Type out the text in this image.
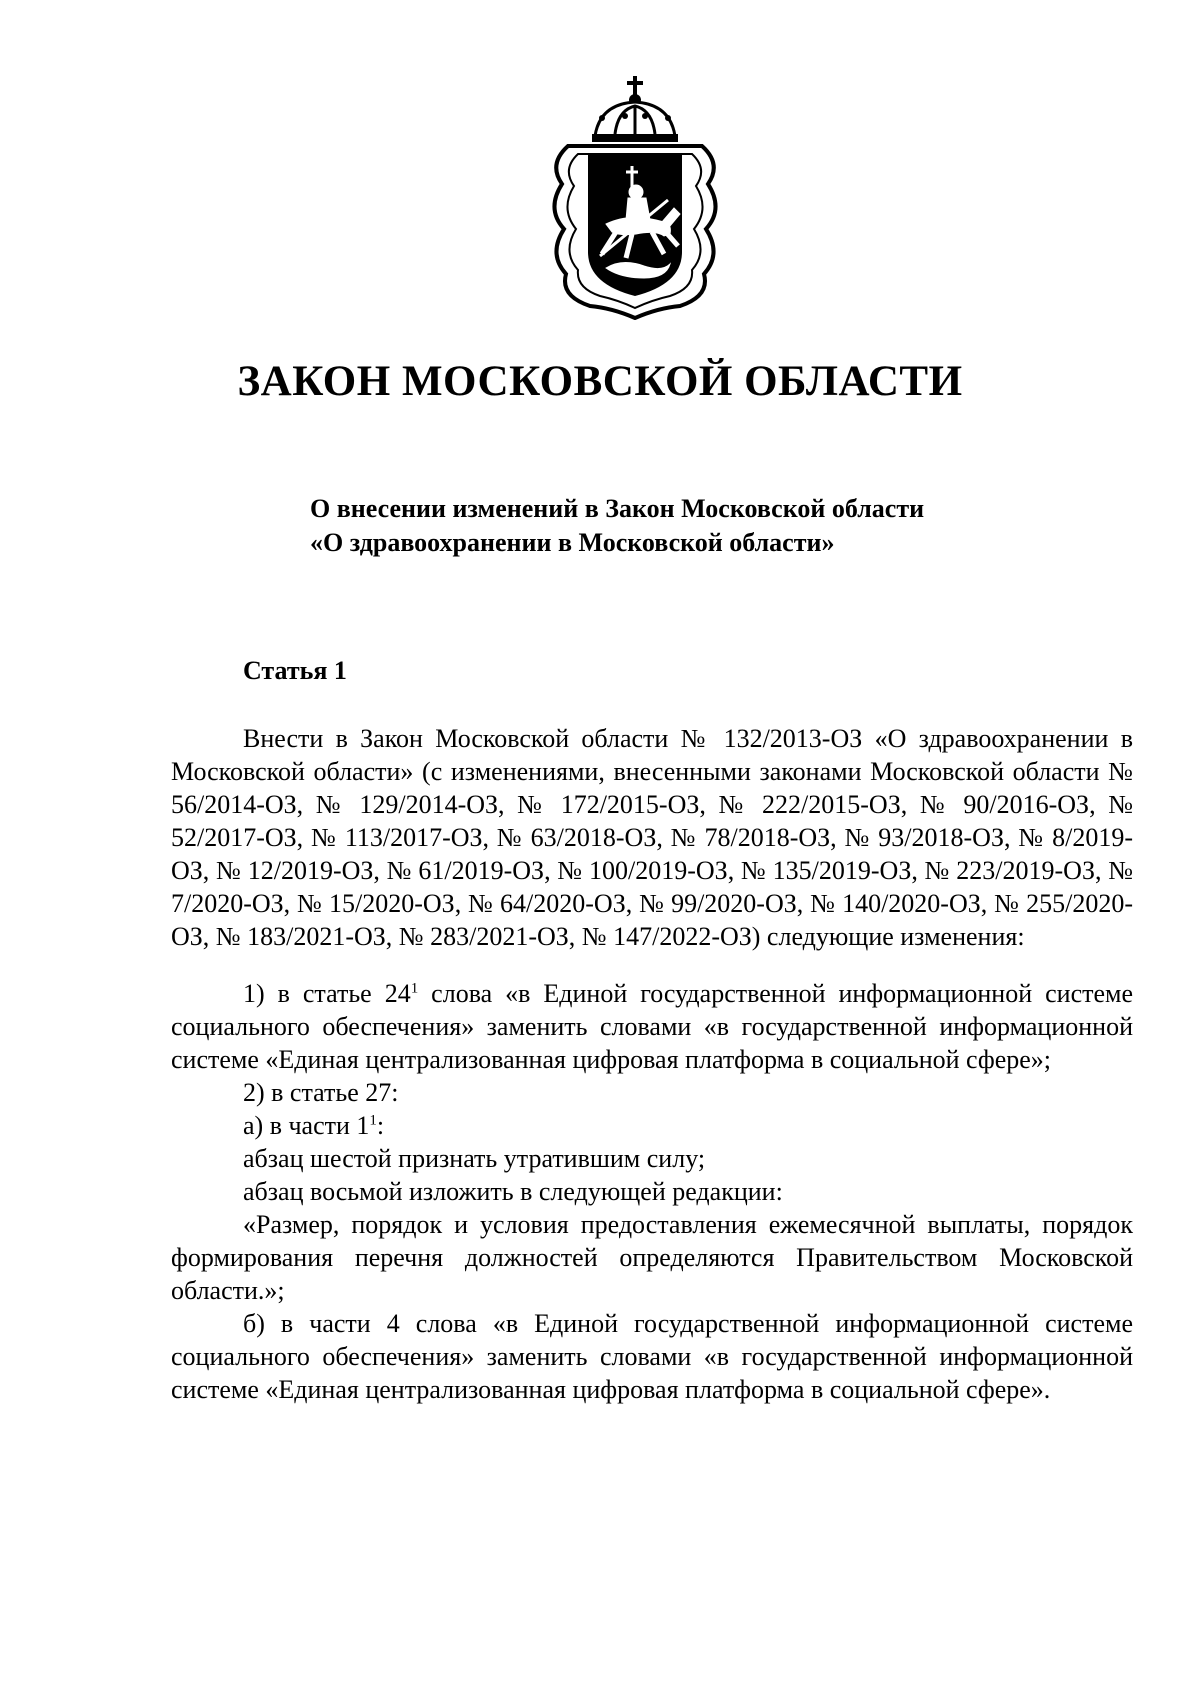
ЗАКОН МОСКОВСКОЙ ОБЛАСТИ
О внесении изменений в Закон Московской области
«О здравоохранении в Московской области»
Статья 1

Внести в Закон Московской области № 132/2013-ОЗ «О здравоохранении в Московской области» (с изменениями, внесенными законами Московской области № 56/2014-ОЗ, № 129/2014-ОЗ, № 172/2015-ОЗ, № 222/2015-ОЗ, № 90/2016-ОЗ, № 52/2017-ОЗ, № 113/2017-ОЗ, № 63/2018-ОЗ, № 78/2018-ОЗ, № 93/2018-ОЗ, № 8/2019-ОЗ, № 12/2019-ОЗ, № 61/2019-ОЗ, № 100/2019-ОЗ, № 135/2019-ОЗ, № 223/2019-ОЗ, № 7/2020-ОЗ, № 15/2020-ОЗ, № 64/2020-ОЗ, № 99/2020-ОЗ, № 140/2020-ОЗ, № 255/2020-ОЗ, № 183/2021-ОЗ, № 283/2021-ОЗ, № 147/2022-ОЗ) следующие изменения:

1) в статье $24^1$ слова «в Единой государственной информационной системе социального обеспечения» заменить словами «в государственной информационной системе «Единая централизованная цифровая платформа в социальной сфере»;

2) в статье 27:

а) в части $1^1$:

абзац шестой признать утратившим силу;

абзац восьмой изложить в следующей редакции:

«Размер, порядок и условия предоставления ежемесячной выплаты, порядок формирования перечня должностей определяются Правительством Московской области.»;

б) в части 4 слова «в Единой государственной информационной системе социального обеспечения» заменить словами «в государственной информационной системе «Единая централизованная цифровая платформа в социальной сфере».
